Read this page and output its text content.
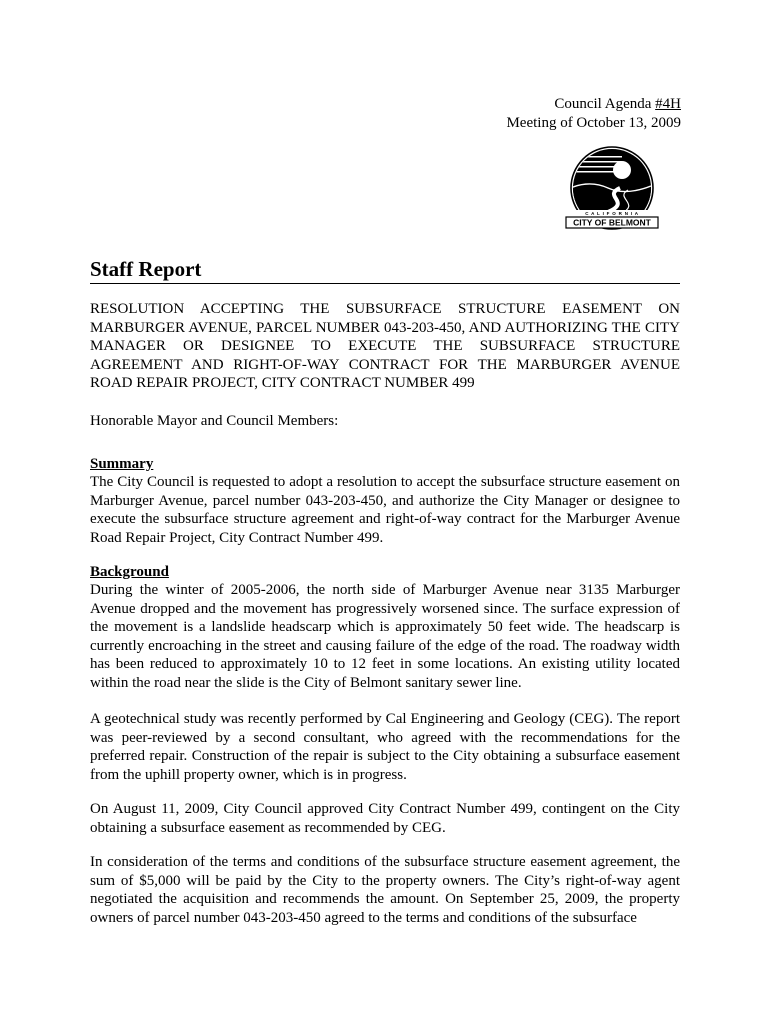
Council Agenda #4H
Meeting of October 13, 2009
C A L I F O R N I A
CITY OF BELMONT
Staff Report

RESOLUTION ACCEPTING THE SUBSURFACE STRUCTURE EASEMENT ON MARBURGER AVENUE, PARCEL NUMBER 043-203-450, AND AUTHORIZING THE CITY MANAGER OR DESIGNEE TO EXECUTE THE SUBSURFACE STRUCTURE AGREEMENT AND RIGHT-OF-WAY CONTRACT FOR THE MARBURGER AVENUE ROAD REPAIR PROJECT, CITY CONTRACT NUMBER 499

Honorable Mayor and Council Members:

Summary

The City Council is requested to adopt a resolution to accept the subsurface structure easement on Marburger Avenue, parcel number 043-203-450, and authorize the City Manager or designee to execute the subsurface structure agreement and right-of-way contract for the Marburger Avenue Road Repair Project, City Contract Number 499.

Background

During the winter of 2005-2006, the north side of Marburger Avenue near 3135 Marburger Avenue dropped and the movement has progressively worsened since. The surface expression of the movement is a landslide headscarp which is approximately 50 feet wide. The headscarp is currently encroaching in the street and causing failure of the edge of the road. The roadway width has been reduced to approximately 10 to 12 feet in some locations. An existing utility located within the road near the slide is the City of Belmont sanitary sewer line.

A geotechnical study was recently performed by Cal Engineering and Geology (CEG). The report was peer-reviewed by a second consultant, who agreed with the recommendations for the preferred repair. Construction of the repair is subject to the City obtaining a subsurface easement from the uphill property owner, which is in progress.

On August 11, 2009, City Council approved City Contract Number 499, contingent on the City obtaining a subsurface easement as recommended by CEG.

In consideration of the terms and conditions of the subsurface structure easement agreement, the sum of $5,000 will be paid by the City to the property owners. The City’s right-of-way agent negotiated the acquisition and recommends the amount. On September 25, 2009, the property owners of parcel number 043-203-450 agreed to the terms and conditions of the subsurface
